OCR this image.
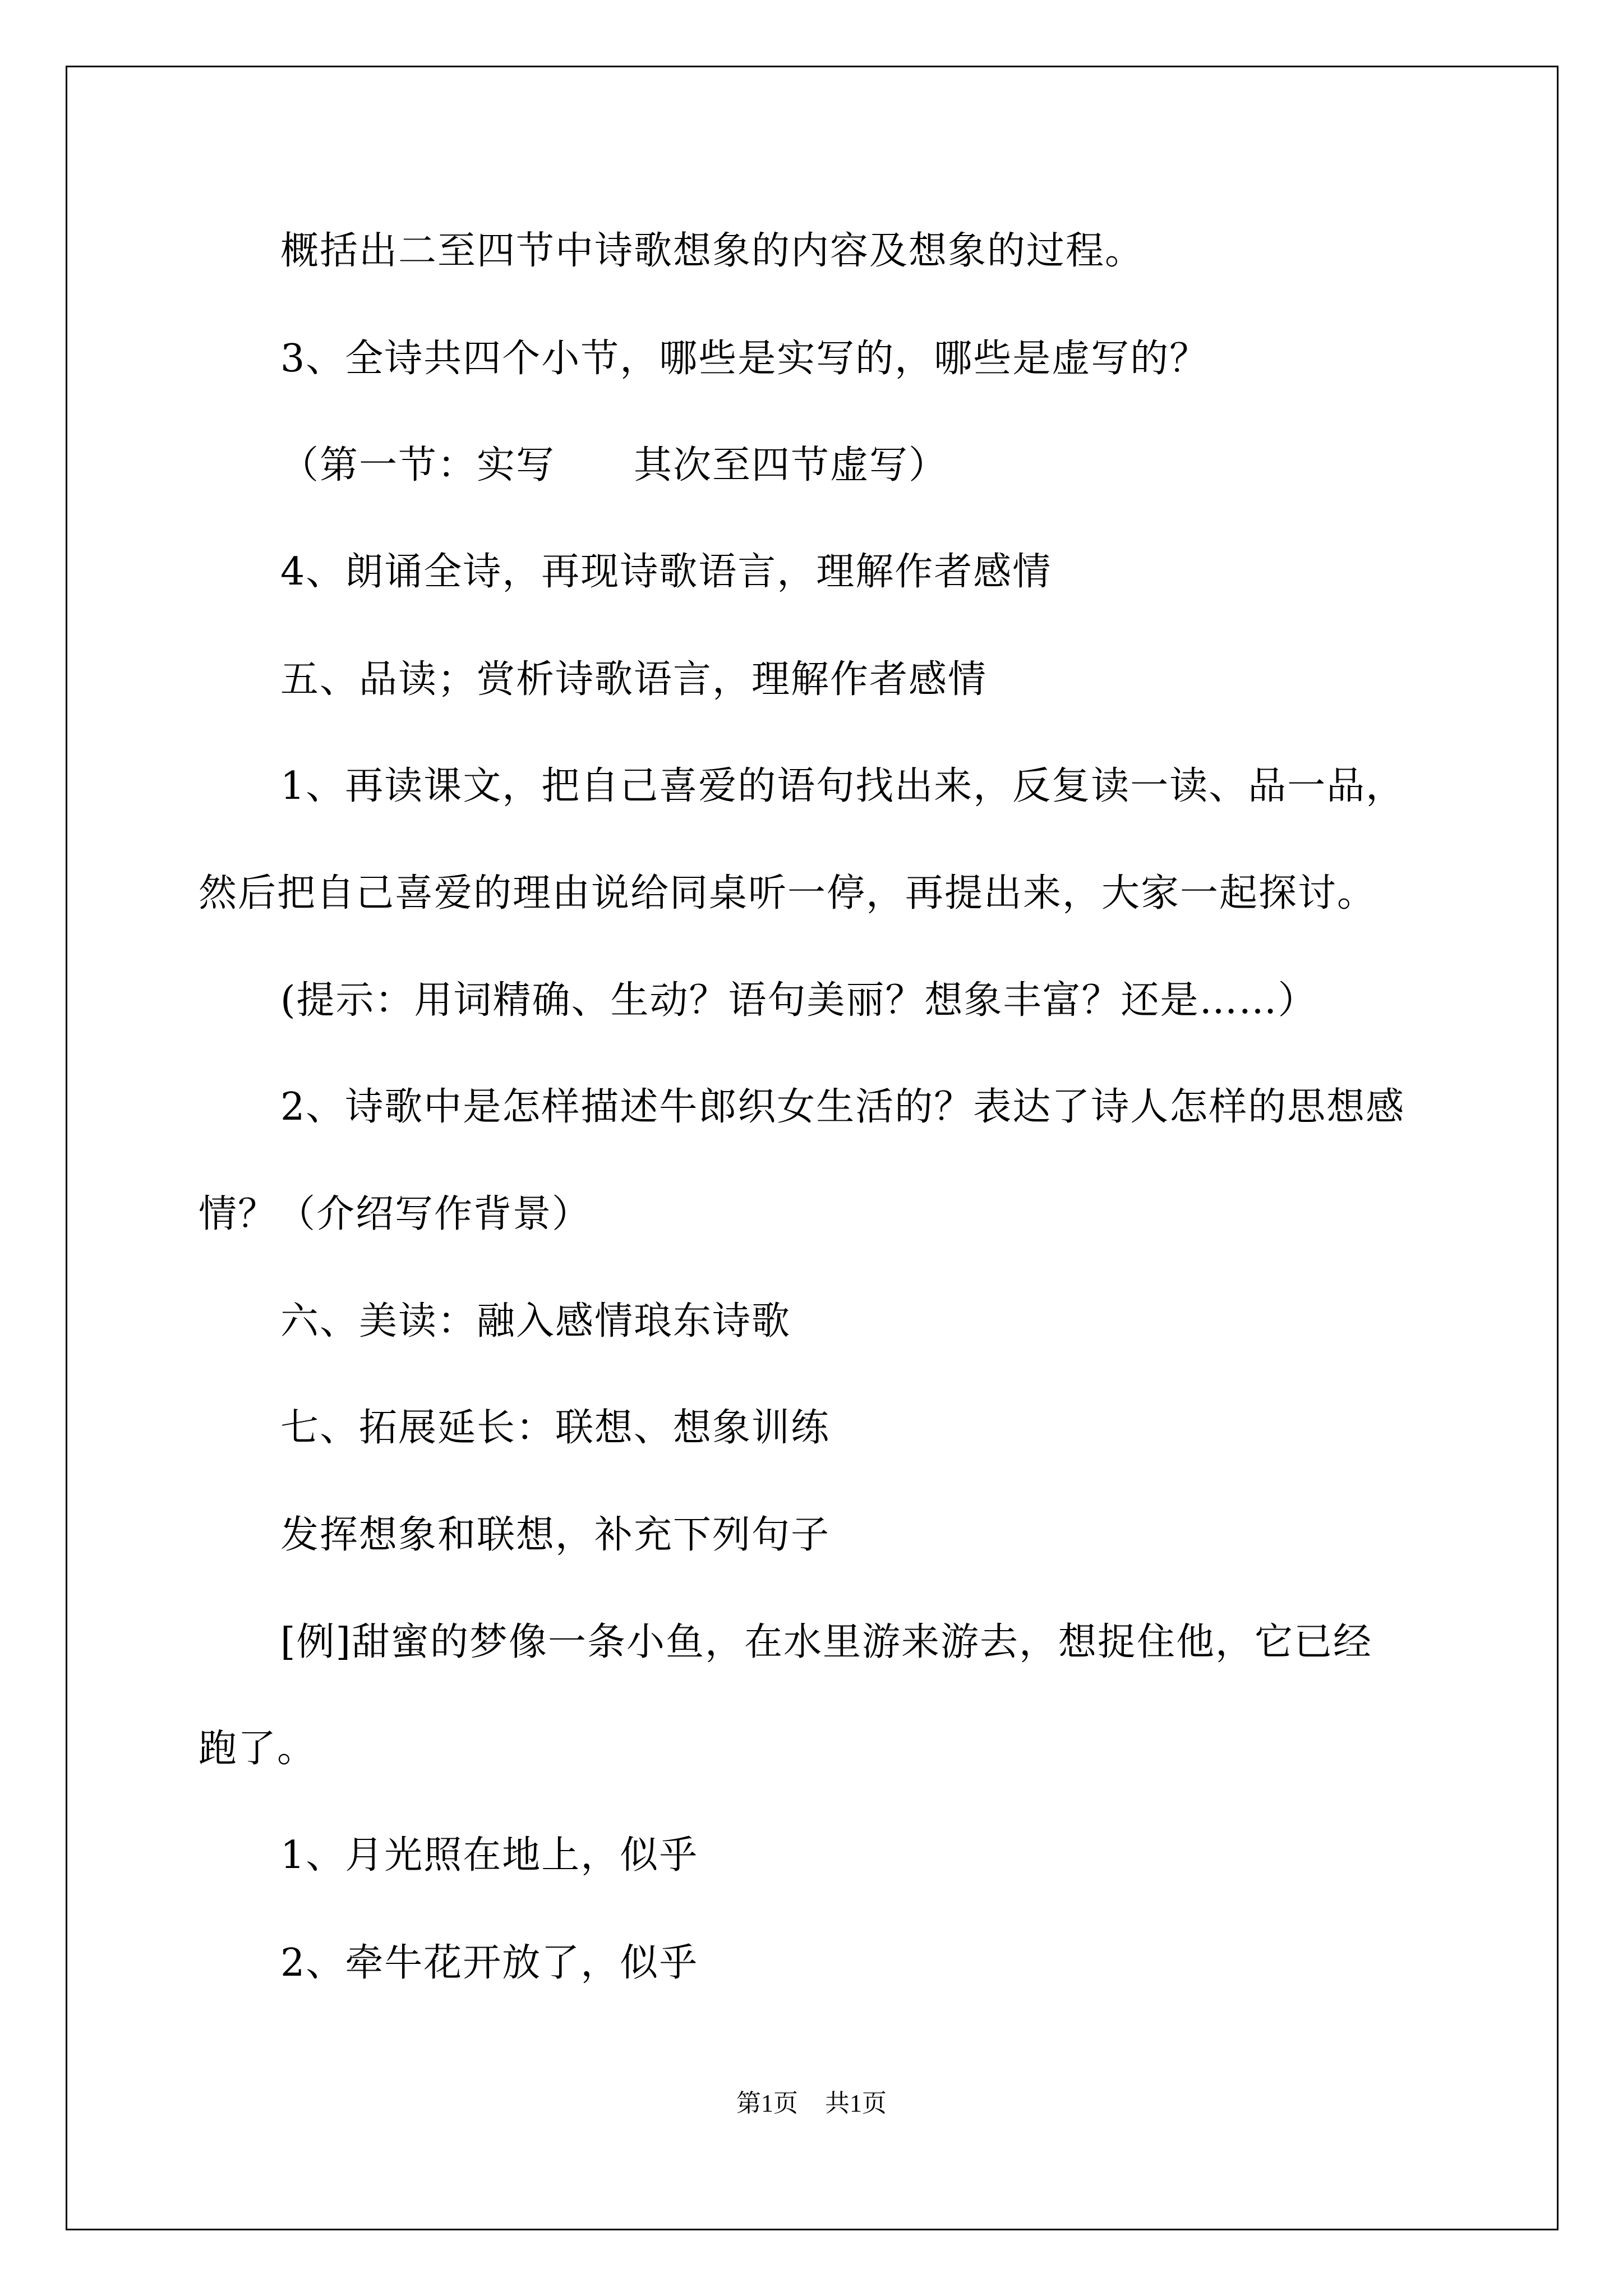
概括出二至四节中诗歌想象的内容及想象的过程。
3、全诗共四个小节，哪些是实写的，哪些是虚写的？
（第一节：实写　　其次至四节虚写）
4、朗诵全诗，再现诗歌语言，理解作者感情
五、品读；赏析诗歌语言，理解作者感情
1、再读课文，把自己喜爱的语句找出来，反复读一读、品一品，
然后把自己喜爱的理由说给同桌听一停，再提出来，大家一起探讨。
(提示：用词精确、生动？语句美丽？想象丰富？还是……）
2、诗歌中是怎样描述牛郎织女生活的？表达了诗人怎样的思想感
情？（介绍写作背景）
六、美读：融入感情琅东诗歌
七、拓展延长：联想、想象训练
发挥想象和联想，补充下列句子
[例]甜蜜的梦像一条小鱼，在水里游来游去，想捉住他，它已经
跑了。
1、月光照在地上，似乎
2、牵牛花开放了，似乎
第1页 共1页
